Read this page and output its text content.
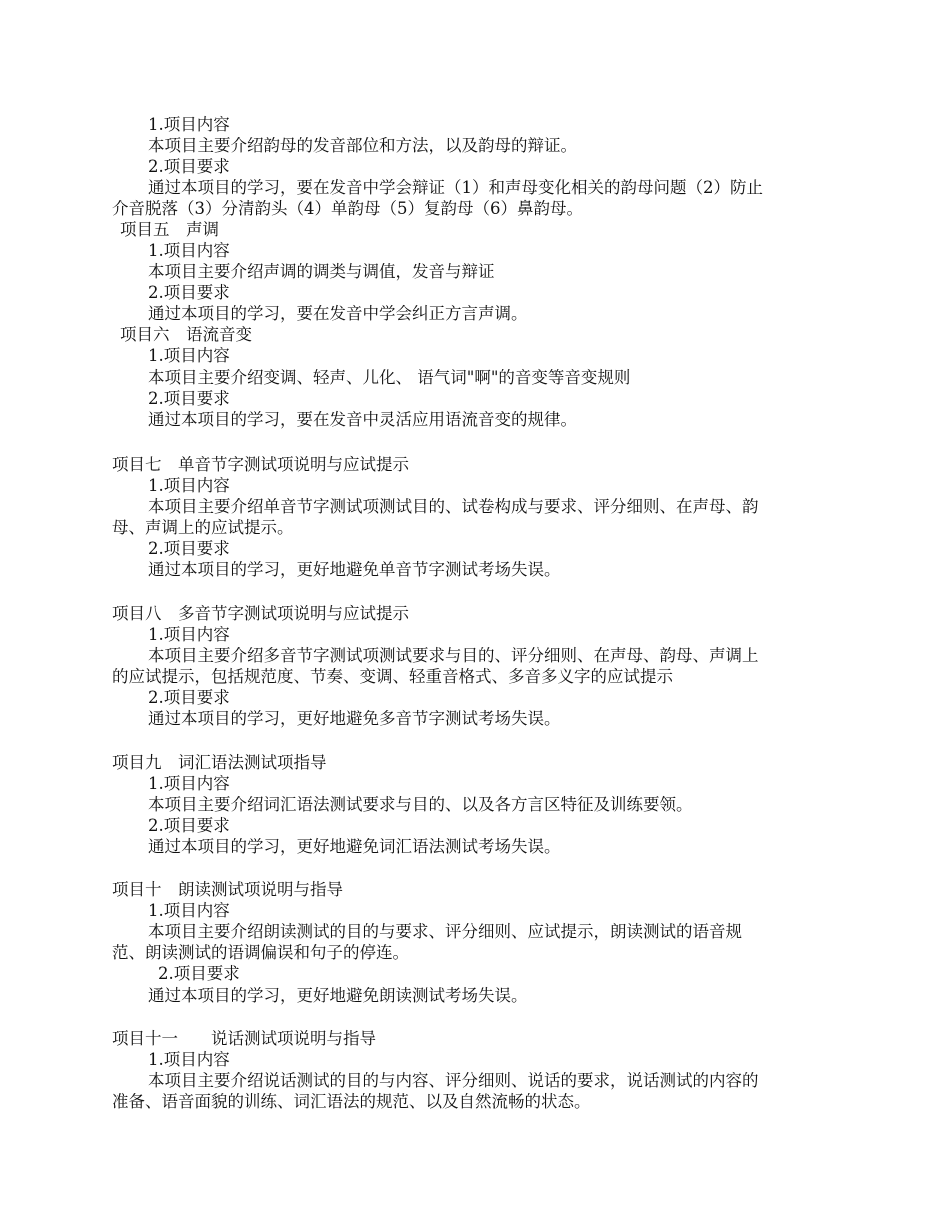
1.项目内容
本项目主要介绍韵母的发音部位和方法，以及韵母的辩证。
2.项目要求
通过本项目的学习，要在发音中学会辩证（1）和声母变化相关的韵母问题（2）防止
介音脱落（3）分清韵头（4）单韵母（5）复韵母（6）鼻韵母。
项目五　声调
1.项目内容
本项目主要介绍声调的调类与调值，发音与辩证
2.项目要求
通过本项目的学习，要在发音中学会纠正方言声调。
项目六　语流音变
1.项目内容
本项目主要介绍变调、轻声、儿化、 语气词"啊"的音变等音变规则
2.项目要求
通过本项目的学习，要在发音中灵活应用语流音变的规律。
项目七　单音节字测试项说明与应试提示
1.项目内容
本项目主要介绍单音节字测试项测试目的、试卷构成与要求、评分细则、在声母、韵
母、声调上的应试提示。
2.项目要求
通过本项目的学习，更好地避免单音节字测试考场失误。
项目八　多音节字测试项说明与应试提示
1.项目内容
本项目主要介绍多音节字测试项测试要求与目的、评分细则、在声母、韵母、声调上
的应试提示，包括规范度、节奏、变调、轻重音格式、多音多义字的应试提示
2.项目要求
通过本项目的学习，更好地避免多音节字测试考场失误。
项目九　词汇语法测试项指导
1.项目内容
本项目主要介绍词汇语法测试要求与目的、以及各方言区特征及训练要领。
2.项目要求
通过本项目的学习，更好地避免词汇语法测试考场失误。
项目十　朗读测试项说明与指导
1.项目内容
本项目主要介绍朗读测试的目的与要求、评分细则、应试提示，朗读测试的语音规
范、朗读测试的语调偏误和句子的停连。
2.项目要求
通过本项目的学习，更好地避免朗读测试考场失误。
项目十一　　说话测试项说明与指导
1.项目内容
本项目主要介绍说话测试的目的与内容、评分细则、说话的要求，说话测试的内容的
准备、语音面貌的训练、词汇语法的规范、以及自然流畅的状态。
